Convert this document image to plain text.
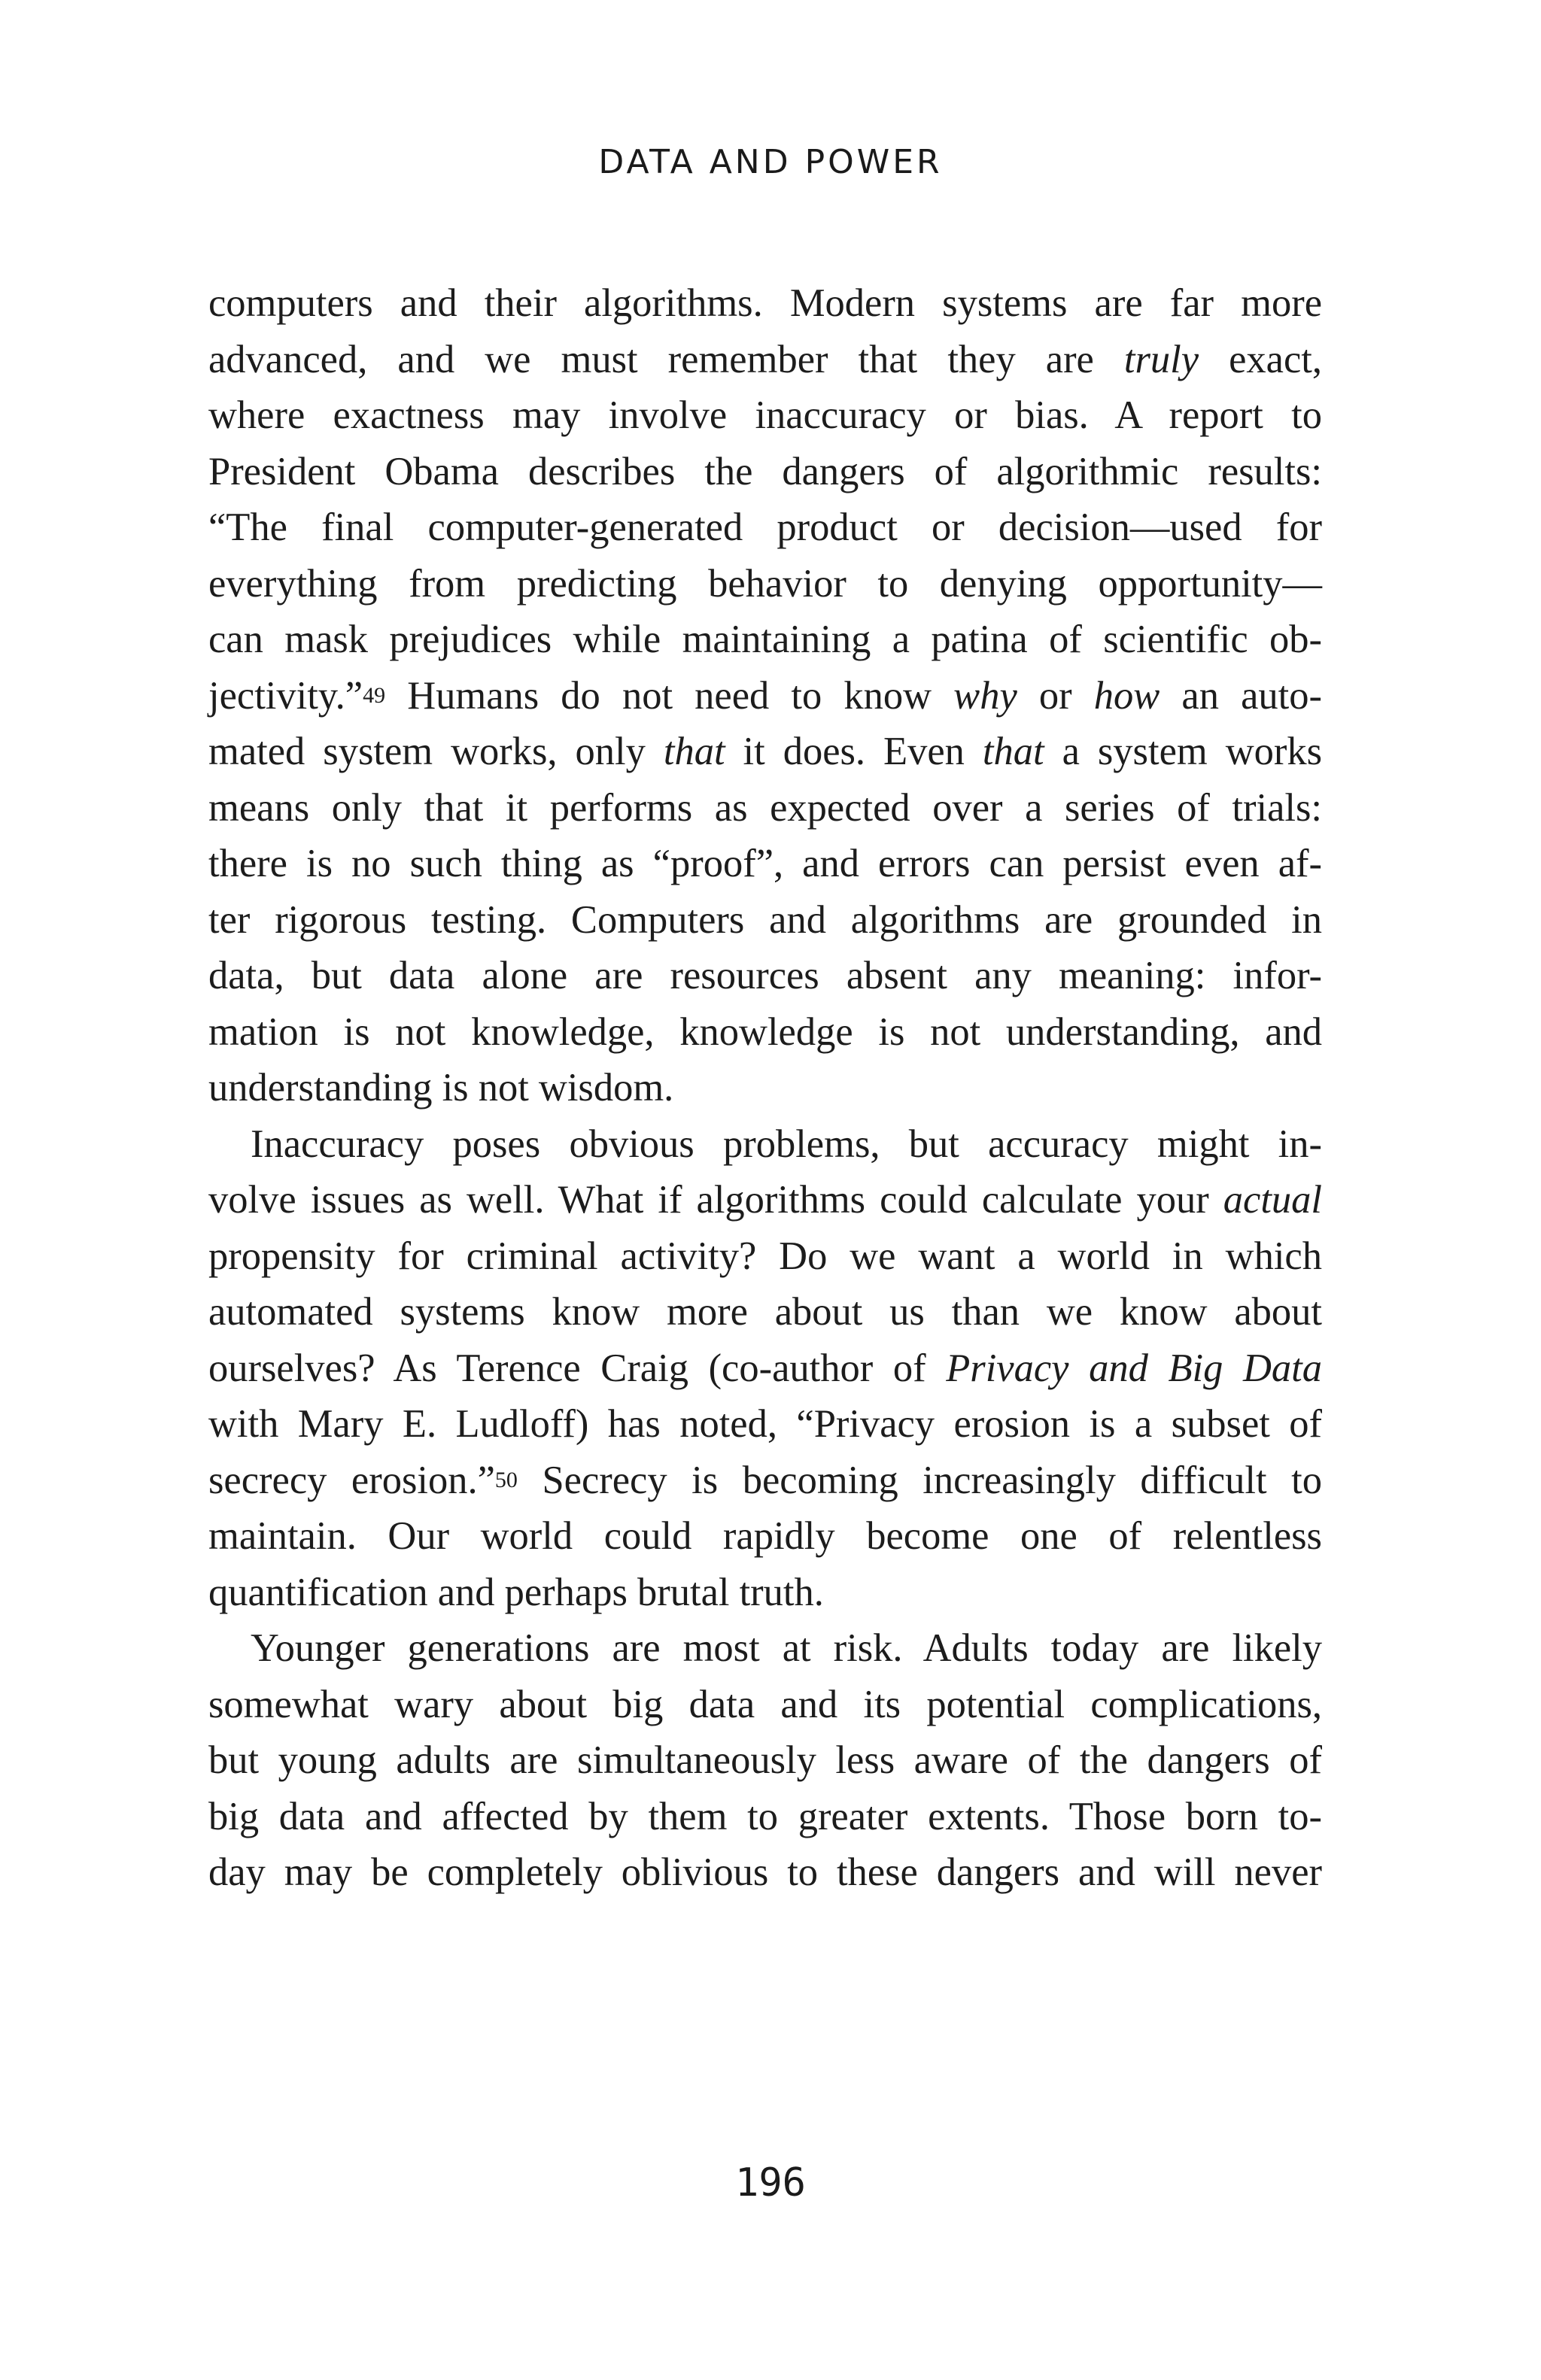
DATA AND POWER
computers and their algorithms. Modern systems are far more
advanced, and we must remember that they are truly exact,
where exactness may involve inaccuracy or bias. A report to
President Obama describes the dangers of algorithmic results:
“The final computer-generated product or decision—used for
everything from predicting behavior to denying opportunity—
can mask prejudices while maintaining a patina of scientific ob-
jectivity.”$^{49}$ Humans do not need to know why or how an auto-
mated system works, only that it does. Even that a system works
means only that it performs as expected over a series of trials:
there is no such thing as “proof”, and errors can persist even af-
ter rigorous testing. Computers and algorithms are grounded in
data, but data alone are resources absent any meaning: infor-
mation is not knowledge, knowledge is not understanding, and
understanding is not wisdom.
Inaccuracy poses obvious problems, but accuracy might in-
volve issues as well. What if algorithms could calculate your actual
propensity for criminal activity? Do we want a world in which
automated systems know more about us than we know about
ourselves? As Terence Craig (co-author of Privacy and Big Data
with Mary E. Ludloff) has noted, “Privacy erosion is a subset of
secrecy erosion.”$^{50}$ Secrecy is becoming increasingly difficult to
maintain. Our world could rapidly become one of relentless
quantification and perhaps brutal truth.
Younger generations are most at risk. Adults today are likely
somewhat wary about big data and its potential complications,
but young adults are simultaneously less aware of the dangers of
big data and affected by them to greater extents. Those born to-
day may be completely oblivious to these dangers and will never
196
